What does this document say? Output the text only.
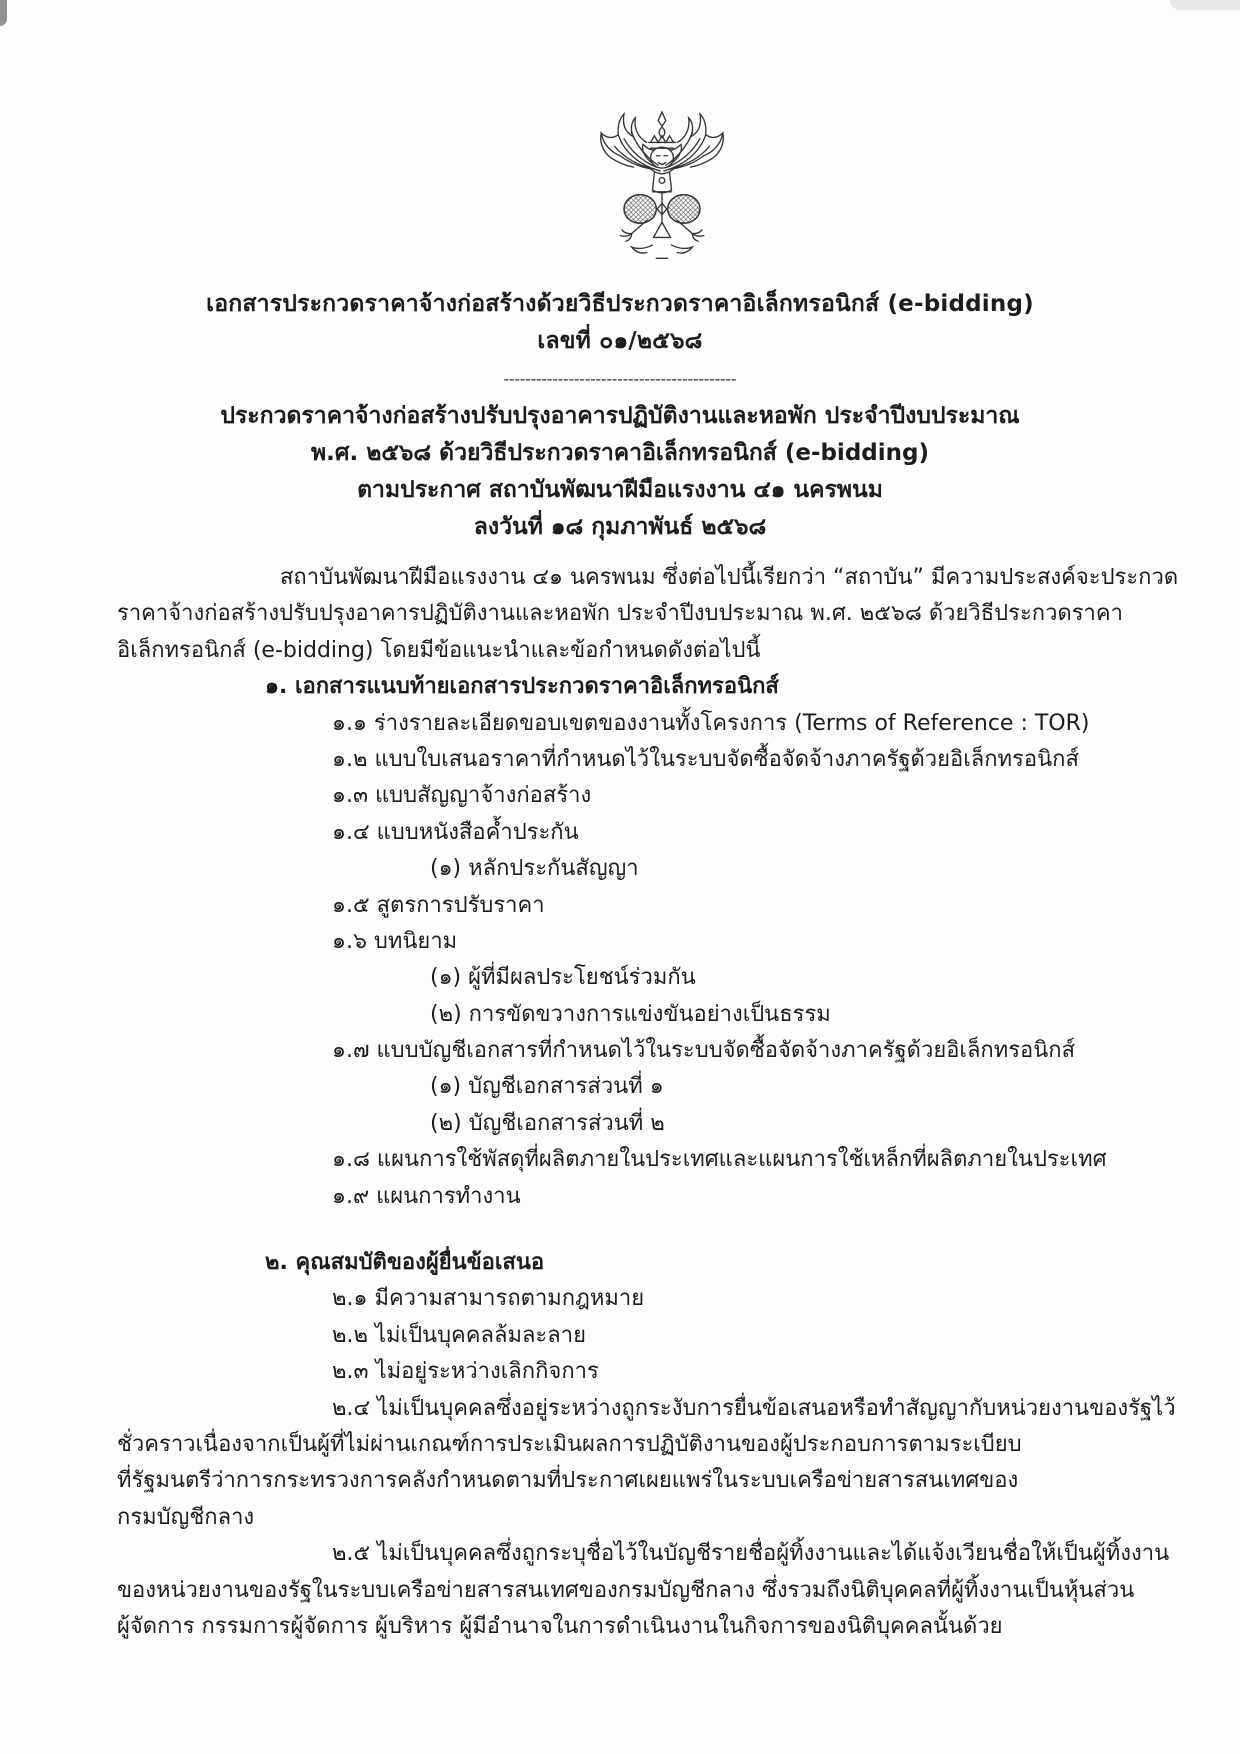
เอกสารประกวดราคาจ้างก่อสร้างด้วยวิธีประกวดราคาอิเล็กทรอนิกส์ (e-bidding)
เลขที่ ๐๑/๒๕๖๘
-------------------------------------------
ประกวดราคาจ้างก่อสร้างปรับปรุงอาคารปฏิบัติงานและหอพัก ประจำปีงบประมาณ
พ.ศ. ๒๕๖๘ ด้วยวิธีประกวดราคาอิเล็กทรอนิกส์ (e-bidding)
ตามประกาศ สถาบันพัฒนาฝีมือแรงงาน ๔๑ นครพนม
ลงวันที่ ๑๘ กุมภาพันธ์ ๒๕๖๘
สถาบันพัฒนาฝีมือแรงงาน ๔๑ นครพนม ซึ่งต่อไปนี้เรียกว่า “สถาบัน” มีความประสงค์จะประกวด
ราคาจ้างก่อสร้างปรับปรุงอาคารปฏิบัติงานและหอพัก ประจำปีงบประมาณ พ.ศ. ๒๕๖๘ ด้วยวิธีประกวดราคา
อิเล็กทรอนิกส์ (e-bidding) โดยมีข้อแนะนำและข้อกำหนดดังต่อไปนี้
๑. เอกสารแนบท้ายเอกสารประกวดราคาอิเล็กทรอนิกส์
๑.๑ ร่างรายละเอียดขอบเขตของงานทั้งโครงการ (Terms of Reference : TOR)
๑.๒ แบบใบเสนอราคาที่กำหนดไว้ในระบบจัดซื้อจัดจ้างภาครัฐด้วยอิเล็กทรอนิกส์
๑.๓ แบบสัญญาจ้างก่อสร้าง
๑.๔ แบบหนังสือค้ำประกัน
(๑) หลักประกันสัญญา
๑.๕ สูตรการปรับราคา
๑.๖ บทนิยาม
(๑) ผู้ที่มีผลประโยชน์ร่วมกัน
(๒) การขัดขวางการแข่งขันอย่างเป็นธรรม
๑.๗ แบบบัญชีเอกสารที่กำหนดไว้ในระบบจัดซื้อจัดจ้างภาครัฐด้วยอิเล็กทรอนิกส์
(๑) บัญชีเอกสารส่วนที่ ๑
(๒) บัญชีเอกสารส่วนที่ ๒
๑.๘ แผนการใช้พัสดุที่ผลิตภายในประเทศและแผนการใช้เหล็กที่ผลิตภายในประเทศ
๑.๙ แผนการทำงาน
๒. คุณสมบัติของผู้ยื่นข้อเสนอ
๒.๑ มีความสามารถตามกฎหมาย
๒.๒ ไม่เป็นบุคคลล้มละลาย
๒.๓ ไม่อยู่ระหว่างเลิกกิจการ
๒.๔ ไม่เป็นบุคคลซึ่งอยู่ระหว่างถูกระงับการยื่นข้อเสนอหรือทำสัญญากับหน่วยงานของรัฐไว้
ชั่วคราวเนื่องจากเป็นผู้ที่ไม่ผ่านเกณฑ์การประเมินผลการปฏิบัติงานของผู้ประกอบการตามระเบียบ
ที่รัฐมนตรีว่าการกระทรวงการคลังกำหนดตามที่ประกาศเผยแพร่ในระบบเครือข่ายสารสนเทศของ
กรมบัญชีกลาง
๒.๕ ไม่เป็นบุคคลซึ่งถูกระบุชื่อไว้ในบัญชีรายชื่อผู้ทิ้งงานและได้แจ้งเวียนชื่อให้เป็นผู้ทิ้งงาน
ของหน่วยงานของรัฐในระบบเครือข่ายสารสนเทศของกรมบัญชีกลาง ซึ่งรวมถึงนิติบุคคลที่ผู้ทิ้งงานเป็นหุ้นส่วน
ผู้จัดการ กรรมการผู้จัดการ ผู้บริหาร ผู้มีอำนาจในการดำเนินงานในกิจการของนิติบุคคลนั้นด้วย
